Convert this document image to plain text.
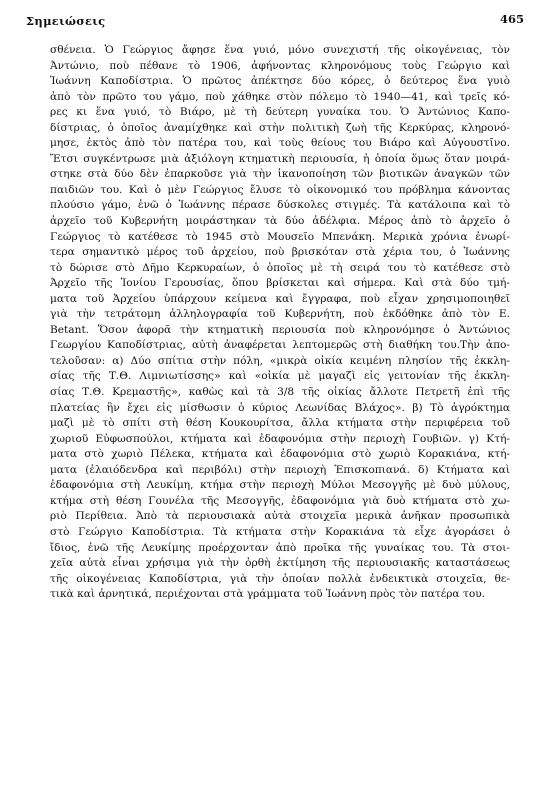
Σημειώσεις	465
σθένεια. Ὁ Γεώργιος ἄφησε ἕνα γυιό, μόνο συνεχιστή τῆς οἰκογένειας, τὸν
Ἀντώνιο, ποὺ πέθανε τὸ 1906, ἀφήνοντας κληρονόμους τοὺς Γεώργιο καὶ
Ἰωάννη Καποδίστρια. Ὁ πρῶτος ἀπέκτησε δύο κόρες, ὁ δεύτερος ἕνα γυιὸ
ἀπὸ τὸν πρῶτο του γάμο, ποὺ χάθηκε στὸν πόλεμο τὸ 1940—41, καὶ τρεῖς κό-
ρες κι ἕνα γυιό, τὸ Βιάρο, μὲ τὴ δεύτερη γυναίκα του. Ὁ Ἀντώνιος Καπο-
δίστριας, ὁ ὁποῖος ἀναμίχθηκε καὶ στὴν πολιτικὴ ζωὴ τῆς Κερκύρας, κληρονό-
μησε, ἐκτὸς ἀπὸ τὸν πατέρα του, καὶ τοὺς θείους του Βιάρο καὶ Αὐγουστῖνο.
Ἔτσι συγκέντρωσε μιὰ ἀξιόλογη κτηματικὴ περιουσία, ἡ ὁποία ὅμως ὅταν μοιρά-
στηκε στὰ δύο δὲν ἐπαρκοῦσε γιὰ τὴν ἱκανοποίηση τῶν βιοτικῶν ἀναγκῶν τῶν
παιδιῶν του. Καὶ ὁ μὲν Γεώργιος ἔλυσε τὸ οἰκονομικό του πρόβλημα κάνοντας
πλούσιο γάμο, ἐνῶ ὁ Ἰωάννης πέρασε δύσκολες στιγμές. Τὰ κατάλοιπα καὶ τὸ
ἀρχεῖο τοῦ Κυβερνήτη μοιράστηκαν τὰ δύο ἀδέλφια. Μέρος ἀπὸ τὸ ἀρχεῖο ὁ
Γεώργιος τὸ κατέθεσε τὸ 1945 στὸ Μουσεῖο Μπενάκη. Μερικὰ χρόνια ἐνωρί-
τερα σημαντικὸ μέρος τοῦ ἀρχείου, ποὺ βρισκόταν στὰ χέρια του, ὁ Ἰωάννης
τὸ δώρισε στὸ Δῆμο Κερκυραίων, ὁ ὁποῖος μὲ τὴ σειρά του τὸ κατέθεσε στὸ
Ἀρχεῖο τῆς Ἰονίου Γερουσίας, ὅπου βρίσκεται καὶ σήμερα. Καὶ στὰ δύο τμή-
ματα τοῦ Ἀρχείου ὑπάρχουν κείμενα καὶ ἔγγραφα, ποὺ εἶχαν χρησιμοποιηθεῖ
γιὰ τὴν τετράτομη ἀλληλογραφία τοῦ Κυβερνήτη, ποὺ ἐκδόθηκε ἀπὸ τὸν E.
Betant. Ὅσον ἀφορᾶ τὴν κτηματικὴ περιουσία ποὺ κληρονόμησε ὁ Ἀντώνιος
Γεωργίου Καποδίστριας, αὐτὴ ἀναφέρεται λεπτομερῶς στὴ διαθήκη του.Τὴν ἀπο-
τελοῦσαν: α) Δύο σπίτια στὴν πόλη, «μικρὰ οἰκία κειμένη πλησίον τῆς ἐκκλη-
σίας τῆς Τ.Θ. Λιμνιωτίσσης» καὶ «οἰκία μὲ μαγαζὶ εἰς γειτονίαν τῆς ἐκκλη-
σίας Τ.Θ. Κρεμαστῆς», καθὼς καὶ τὰ 3/8 τῆς οἰκίας ἄλλοτε Πετρετῆ ἐπὶ τῆς
πλατείας ἣν ἔχει εἰς μίσθωσιν ὁ κύριος Λεωνίδας Βλάχος». β) Τὸ ἀγρόκτημα
μαζὶ μὲ τὸ σπίτι στὴ θέση Κουκουρίτσα, ἄλλα κτήματα στὴν περιφέρεια τοῦ
χωριοῦ Εὐφωσπούλοι, κτήματα καὶ ἐδαφονόμια στὴν περιοχὴ Γουβιῶν. γ) Κτή-
ματα στὸ χωριὸ Πέλεκα, κτήματα καὶ ἐδαφονόμια στὸ χωριὸ Κορακιάνα, κτή-
ματα (ἐλαιόδενδρα καὶ περιβόλι) στὴν περιοχὴ Ἐπισκοπιανά. δ) Κτήματα καὶ
ἐδαφονόμια στὴ Λευκίμη, κτήμα στὴν περιοχὴ Μύλοι Μεσογγῆς μὲ δυὸ μύλους,
κτήμα στὴ θέση Γουνέλα τῆς Μεσογγῆς, ἐδαφονόμια γιὰ δυὸ κτήματα στὸ χω-
ριὸ Περίθεια. Ἀπὸ τὰ περιουσιακὰ αὐτὰ στοιχεῖα μερικὰ ἀνῆκαν προσωπικὰ
στὸ Γεώργιο Καποδίστρια. Τὰ κτήματα στὴν Κορακιάνα τὰ εἶχε ἀγοράσει ὁ
ἴδιος, ἐνῶ τῆς Λευκίμης προέρχονταν ἀπὸ προῖκα τῆς γυναίκας του. Τὰ στοι-
χεῖα αὐτὰ εἶναι χρήσιμα γιὰ τὴν ὀρθὴ ἐκτίμηση τῆς περιουσιακῆς καταστάσεως
τῆς οἰκογένειας Καποδίστρια, γιὰ τὴν ὁποίαν πολλὰ ἐνδεικτικὰ στοιχεῖα, θε-
τικὰ καὶ ἀρνητικά, περιέχονται στὰ γράμματα τοῦ Ἰωάννη πρὸς τὸν πατέρα του.
